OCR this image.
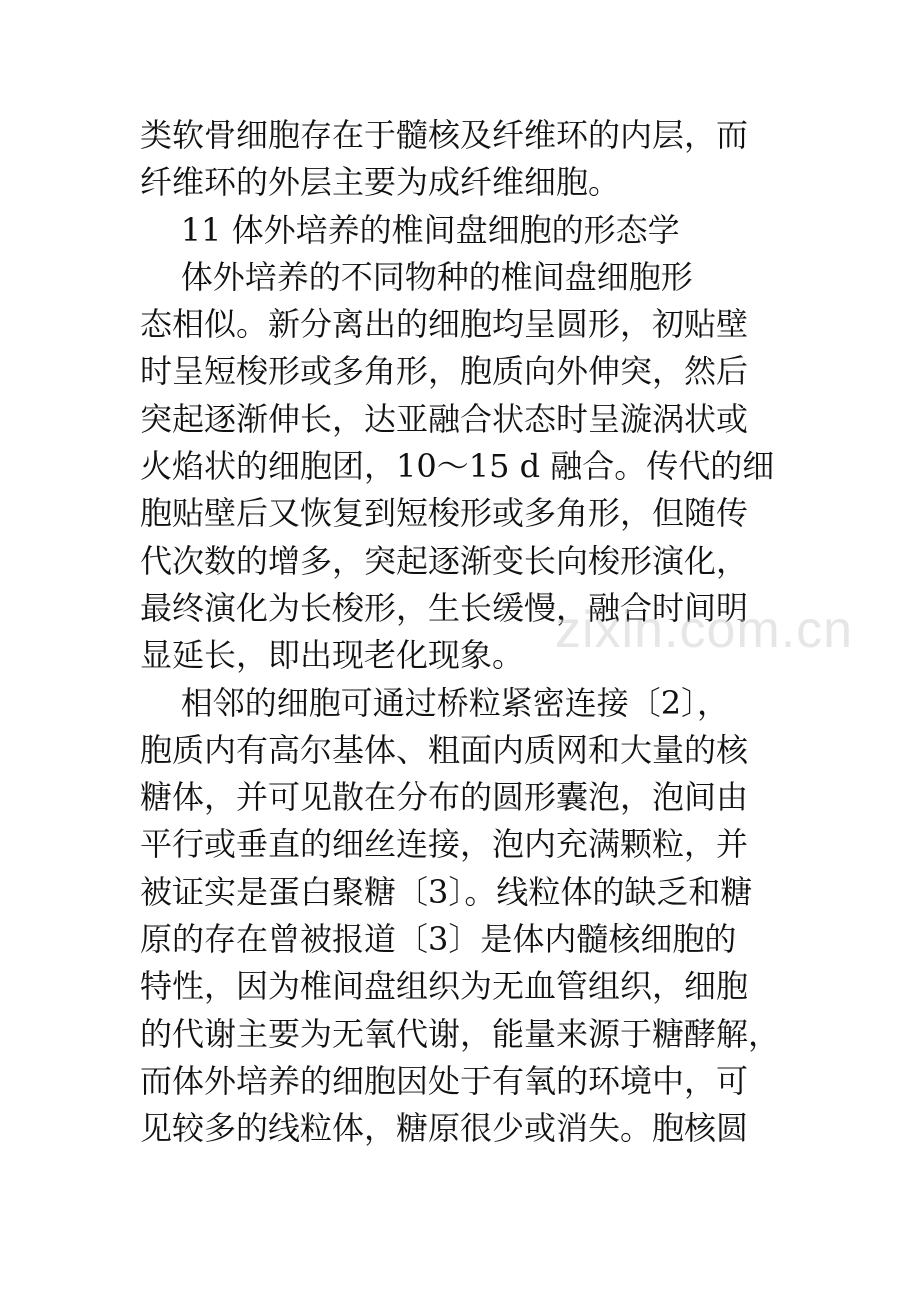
类软骨细胞存在于髓核及纤维环的内层，而
纤维环的外层主要为成纤维细胞。
11 体外培养的椎间盘细胞的形态学
体外培养的不同物种的椎间盘细胞形
态相似。新分离出的细胞均呈圆形，初贴壁
时呈短梭形或多角形，胞质向外伸突，然后
突起逐渐伸长，达亚融合状态时呈漩涡状或
火焰状的细胞团，10～15 d 融合。传代的细
胞贴壁后又恢复到短梭形或多角形，但随传
代次数的增多，突起逐渐变长向梭形演化，
最终演化为长梭形，生长缓慢，融合时间明
显延长，即出现老化现象。
相邻的细胞可通过桥粒紧密连接〔2〕，
胞质内有高尔基体、粗面内质网和大量的核
糖体，并可见散在分布的圆形囊泡，泡间由
平行或垂直的细丝连接，泡内充满颗粒，并
被证实是蛋白聚糖〔3〕。线粒体的缺乏和糖
原的存在曾被报道〔3〕是体内髓核细胞的
特性，因为椎间盘组织为无血管组织，细胞
的代谢主要为无氧代谢，能量来源于糖酵解，
而体外培养的细胞因处于有氧的环境中，可
见较多的线粒体，糖原很少或消失。胞核圆
zixin.com.cn
